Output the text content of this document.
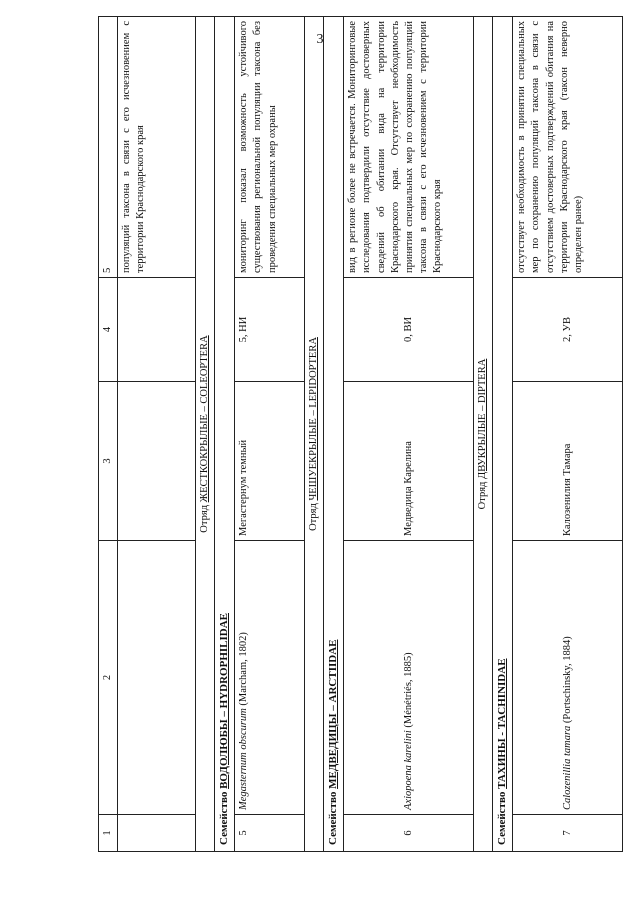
3
1	2	3	4	5
				популяций таксона в связи с его исчезновением с территории Краснодарского края
Отряд ЖЕСТКОКРЫЛЫЕ – COLEOPTERA				
Семейство ВОДОЛЮБЫ – HYDROPHILIDAE				
5	Megasternum obscurum (Marcham, 1802)	Мегастернум темный	5, НИ	мониторинг показал возможность устойчивого существования региональной популяции таксона без проведения специальных мер охраны
Отряд ЧЕШУЕКРЫЛЫЕ – LEPIDOPTERA				
Семейство МЕДВЕДИЦЫ – ARCTIIDAE				
6	Axiopoena karelini (Ménétriés, 1885)	Медведица Карелина	0, ВИ	вид в регионе более не встречается. Мониторинговые исследования подтвердили отсутствие достоверных сведений об обитании вида на территории Краснодарского края. Отсутствует необходимость принятия специальных мер по сохранению популяций таксона в связи с его исчезновением с территории Краснодарского края
Отряд ДВУКРЫЛЫЕ – DIPTERA				
Семейство ТАХИНЫ - TACHINIDAE				
7	Calozenillia tamara (Portschinsky, 1884)	Калозенилия Тамара	2, УВ	отсутствует необходимость в принятии специальных мер по сохранению популяций таксона в связи с отсутствием достоверных подтверждений обитания на территории Краснодарского края (таксон неверно определен ранее)
